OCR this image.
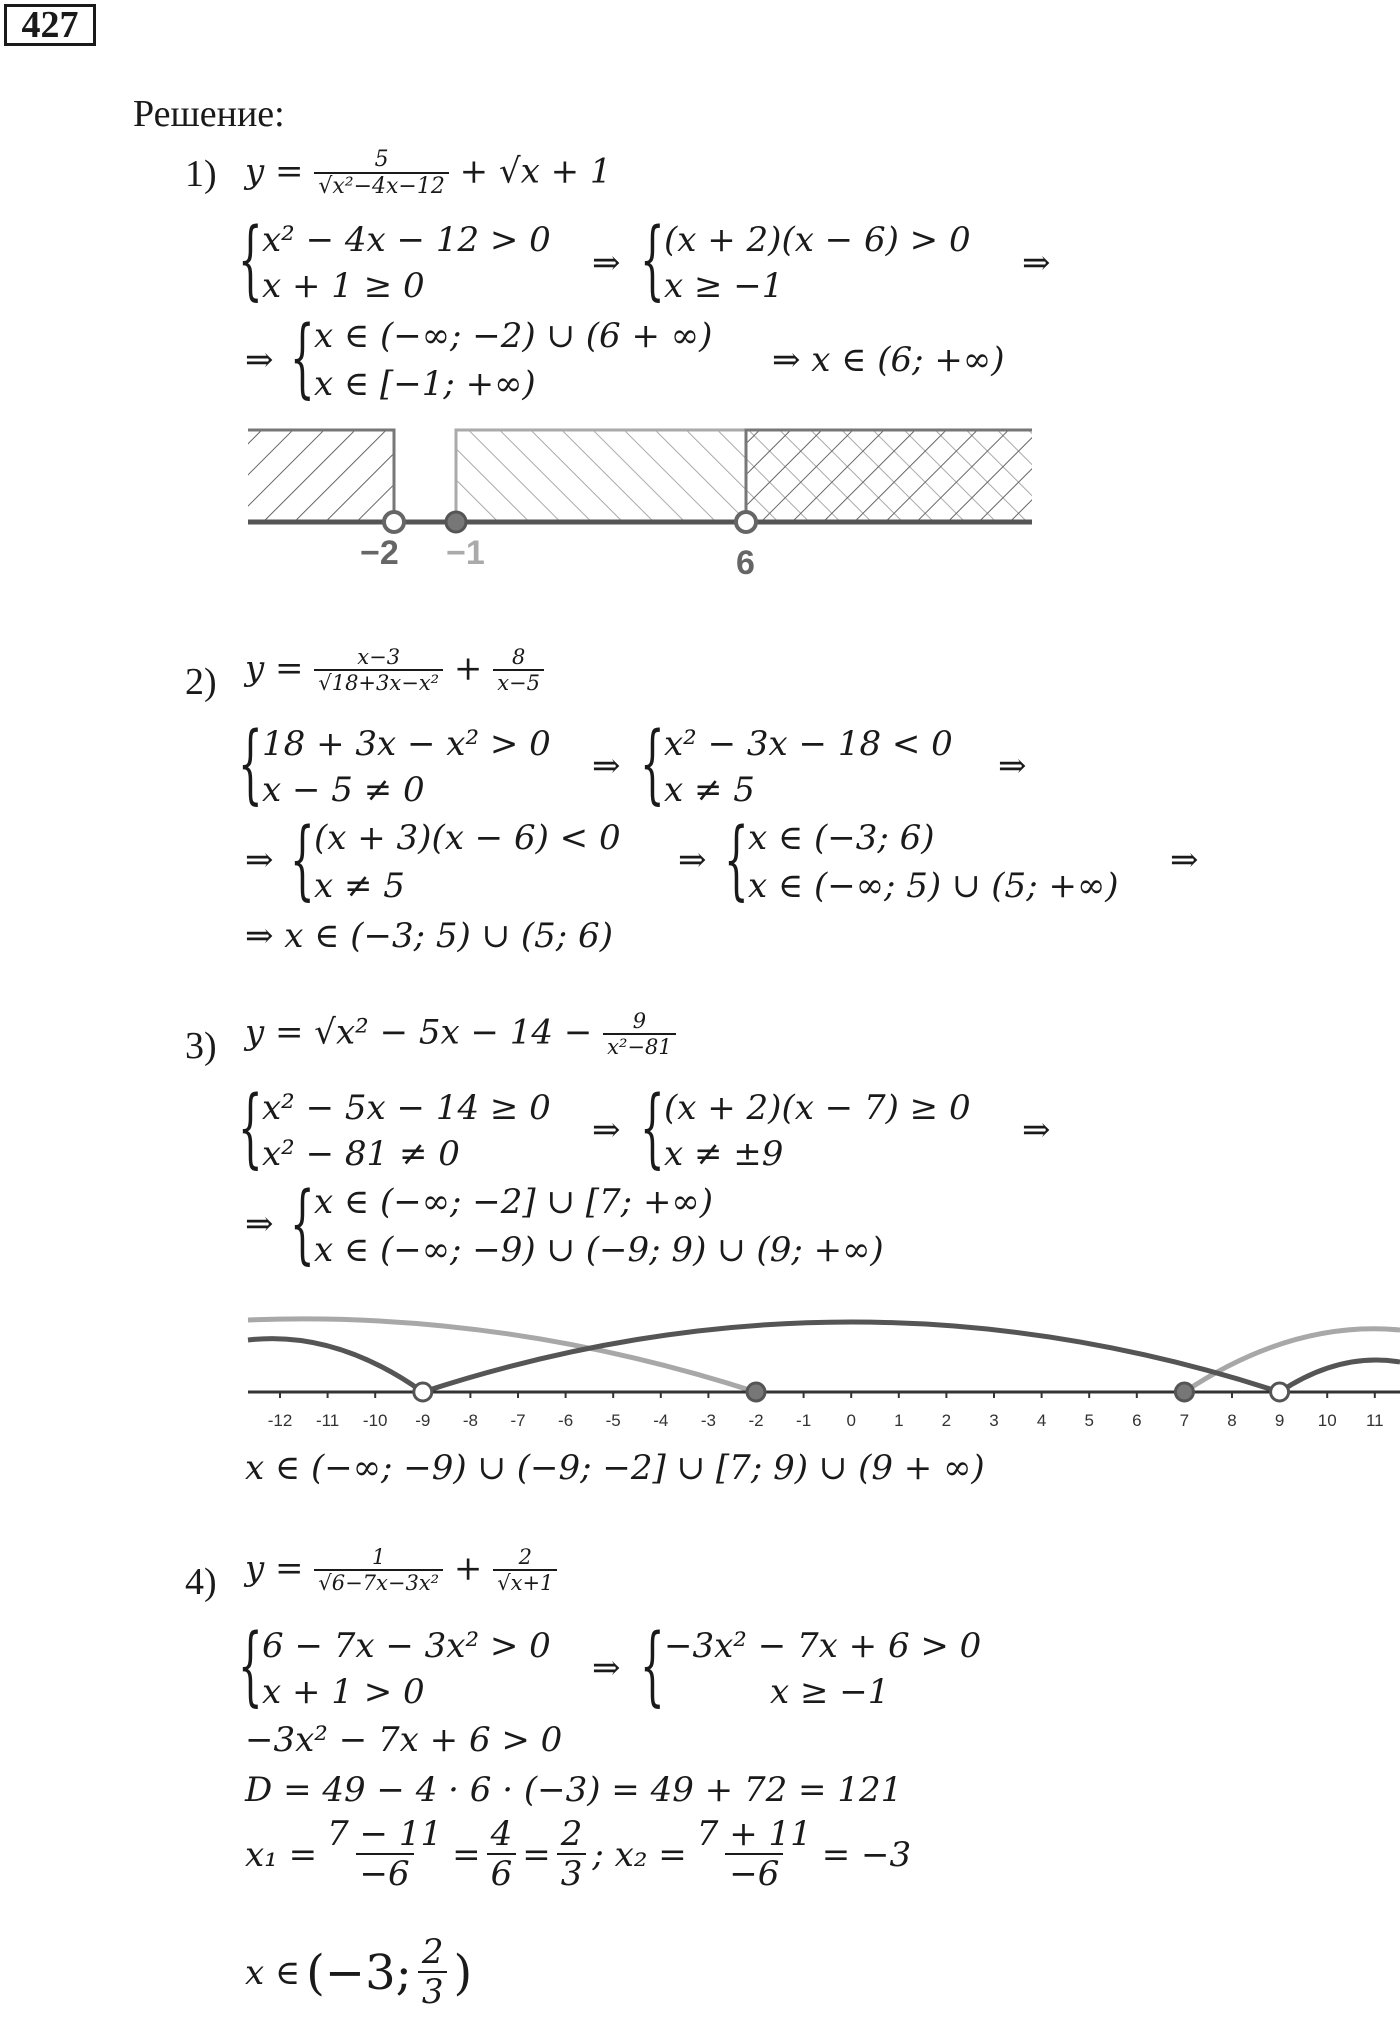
427
Решение:
1) $y = \frac{5}{\text{√x²−4x−12}} + √x + 1$
{ x² − 4x − 12 > 0
x + 1 ≥ 0
⇒ { (x + 2)(x − 6) > 0
x ≥ −1
⇒
⇒ { x ∈ (−∞; −2) ∪ (6 + ∞)
x ∈ [−1; +∞)
⇒ x ∈ (6; +∞)
−2 −1	6
2) $y = \frac{x-3}{\text{√18+3x−x²}} + \frac{8}{x-5}$
{ 18 + 3x − x² > 0
x − 5 ≠ 0
⇒ { x² − 3x − 18 < 0
x ≠ 5
⇒
⇒ { (x + 3)(x − 6) < 0
x ≠ 5
⇒ { x ∈ (−3; 6)
x ∈ (−∞; 5) ∪ (5; +∞)
⇒
⇒ x ∈ (−3; 5) ∪ (5; 6)
3) $y = √x^2 - 5x - 14 - \frac{9}{\text{x²−81}}$
{ x² − 5x − 14 ≥ 0
x² − 81 ≠ 0
⇒ { (x + 2)(x − 7) ≥ 0
x ≠ ±9
⇒
⇒ { x ∈ (−∞; −2] ∪ [7; +∞)
x ∈ (−∞; −9) ∪ (−9; 9) ∪ (9; +∞)
-12 -11 -10 -9 -8 -7 -6 -5 -4 -3 -2 -1 0 1 2 3 4 5 6 7 8 9 10 11
x ∈ (−∞; −9) ∪ (−9; −2] ∪ [7; 9) ∪ (9 + ∞)
4) $y = \frac{1}{\text{√6−7x−3x²}} + \frac{2}{√x+1}$
{ 6 − 7x − 3x² > 0
x + 1 > 0
⇒ { −3x² − 7x + 6 > 0
x ≥ −1
−3x² − 7x + 6 > 0
D = 49 − 4 · 6 · (−3) = 49 + 72 = 121
$x_1 = \frac{7 - 11}{-6} = \frac{4}{6} = \frac{2}{3}$ ; $x_2 = \frac{7 + 11}{-6} = -3$
x ∈ (−3; $\frac{2}{3}$ )
